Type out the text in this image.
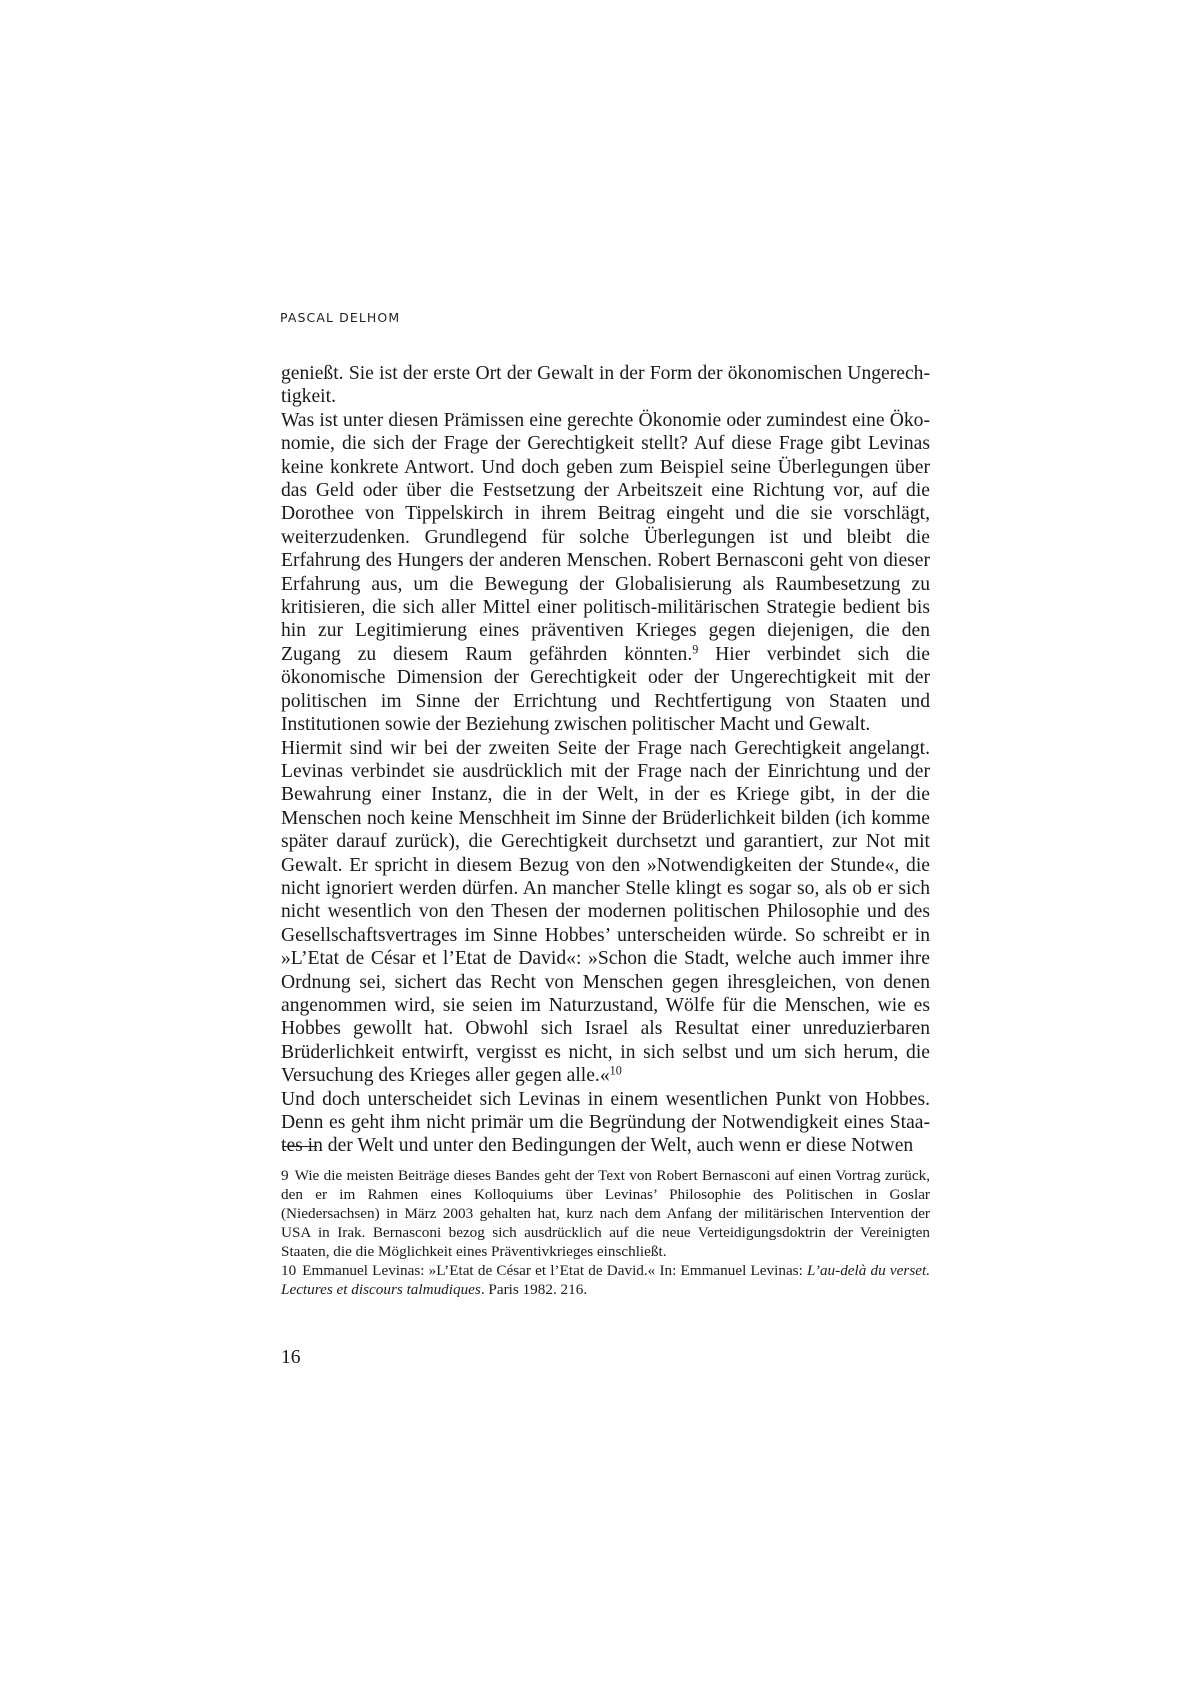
PASCAL DELHOM

genießt. Sie ist der erste Ort der Gewalt in der Form der ökonomischen Ungerechtigkeit.

Was ist unter diesen Prämissen eine gerechte Ökonomie oder zumindest eine Ökonomie, die sich der Frage der Gerechtigkeit stellt? Auf diese Frage gibt Levinas keine konkrete Antwort. Und doch geben zum Beispiel seine Überlegungen über das Geld oder über die Festsetzung der Arbeitszeit eine Richtung vor, auf die Dorothee von Tippelskirch in ihrem Beitrag eingeht und die sie vorschlägt, weiterzudenken. Grundlegend für solche Überlegungen ist und bleibt die Erfahrung des Hungers der anderen Menschen. Robert Bernasconi geht von dieser Erfahrung aus, um die Bewegung der Globalisierung als Raumbesetzung zu kritisieren, die sich aller Mittel einer politisch-militärischen Strategie bedient bis hin zur Legitimierung eines präventiven Krieges gegen diejenigen, die den Zugang zu diesem Raum gefährden könnten.$^9$ Hier verbindet sich die ökonomische Dimension der Gerechtigkeit oder der Ungerechtigkeit mit der politischen im Sinne der Errichtung und Rechtfertigung von Staaten und Institutionen sowie der Beziehung zwischen politischer Macht und Gewalt.

Hiermit sind wir bei der zweiten Seite der Frage nach Gerechtigkeit angelangt. Levinas verbindet sie ausdrücklich mit der Frage nach der Einrichtung und der Bewahrung einer Instanz, die in der Welt, in der es Kriege gibt, in der die Menschen noch keine Menschheit im Sinne der Brüderlichkeit bilden (ich komme später darauf zurück), die Gerechtigkeit durchsetzt und garantiert, zur Not mit Gewalt. Er spricht in diesem Bezug von den »Notwendigkeiten der Stunde«, die nicht ignoriert werden dürfen. An mancher Stelle klingt es sogar so, als ob er sich nicht wesentlich von den Thesen der modernen politischen Philosophie und des Gesellschaftsvertrages im Sinne Hobbes’ unterscheiden würde. So schreibt er in »L’Etat de César et l’Etat de David«: »Schon die Stadt, welche auch immer ihre Ordnung sei, sichert das Recht von Menschen gegen ihresgleichen, von denen angenommen wird, sie seien im Naturzustand, Wölfe für die Menschen, wie es Hobbes gewollt hat. Obwohl sich Israel als Resultat einer unreduzierbaren Brüderlichkeit entwirft, vergisst es nicht, in sich selbst und um sich herum, die Versuchung des Krieges aller gegen alle.«$^{10}$

Und doch unterscheidet sich Levinas in einem wesentlichen Punkt von Hobbes. Denn es geht ihm nicht primär um die Begründung der Notwendigkeit eines Staates in der Welt und unter den Bedingungen der Welt, auch wenn er diese Notwen

9 Wie die meisten Beiträge dieses Bandes geht der Text von Robert Bernasconi auf einen Vortrag zurück, den er im Rahmen eines Kolloquiums über Levinas’ Philosophie des Politischen in Goslar (Niedersachsen) in März 2003 gehalten hat, kurz nach dem Anfang der militärischen Intervention der USA in Irak. Bernasconi bezog sich ausdrücklich auf die neue Verteidigungsdoktrin der Vereinigten Staaten, die die Möglichkeit eines Präventivkrieges einschließt.

10 Emmanuel Levinas: »L’Etat de César et l’Etat de David.« In: Emmanuel Levinas: L’au-delà du verset. Lectures et discours talmudiques. Paris 1982. 216.

16
